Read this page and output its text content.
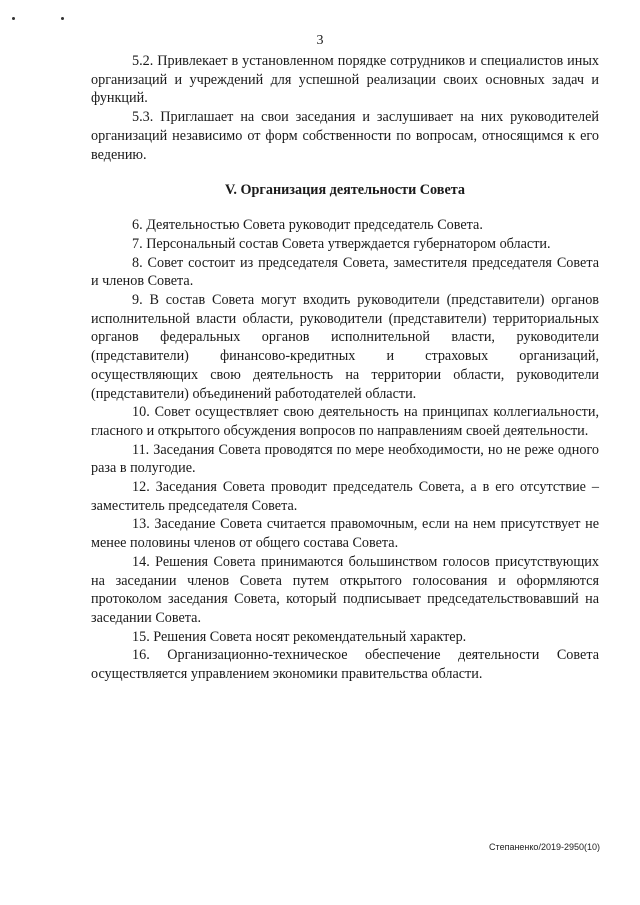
3

5.2. Привлекает в установленном порядке сотрудников и специалистов иных организаций и учреждений для успешной реализации своих основных задач и функций.

5.3. Приглашает на свои заседания и заслушивает на них руководителей организаций независимо от форм собственности по вопросам, относящимся к его ведению.

V. Организация деятельности Совета

6. Деятельностью Совета руководит председатель Совета.

7. Персональный состав Совета утверждается губернатором области.

8. Совет состоит из председателя Совета, заместителя председателя Совета и членов Совета.

9. В состав Совета могут входить руководители (представители) органов исполнительной власти области, руководители (представители) территориальных органов федеральных органов исполнительной власти, руководители (представители) финансово-кредитных и страховых организаций, осуществляющих свою деятельность на территории области, руководители (представители) объединений работодателей области.

10. Совет осуществляет свою деятельность на принципах коллегиальности, гласного и открытого обсуждения вопросов по направлениям своей деятельности.

11. Заседания Совета проводятся по мере необходимости, но не реже одного раза в полугодие.

12. Заседания Совета проводит председатель Совета, а в его отсутствие – заместитель председателя Совета.

13. Заседание Совета считается правомочным, если на нем присутствует не менее половины членов от общего состава Совета.

14. Решения Совета принимаются большинством голосов присутствующих на заседании членов Совета путем открытого голосования и оформляются протоколом заседания Совета, который подписывает председательствовавший на заседании Совета.

15. Решения Совета носят рекомендательный характер.

16. Организационно-техническое обеспечение деятельности Совета осуществляется управлением экономики правительства области.

Степаненко/2019-2950(10)
